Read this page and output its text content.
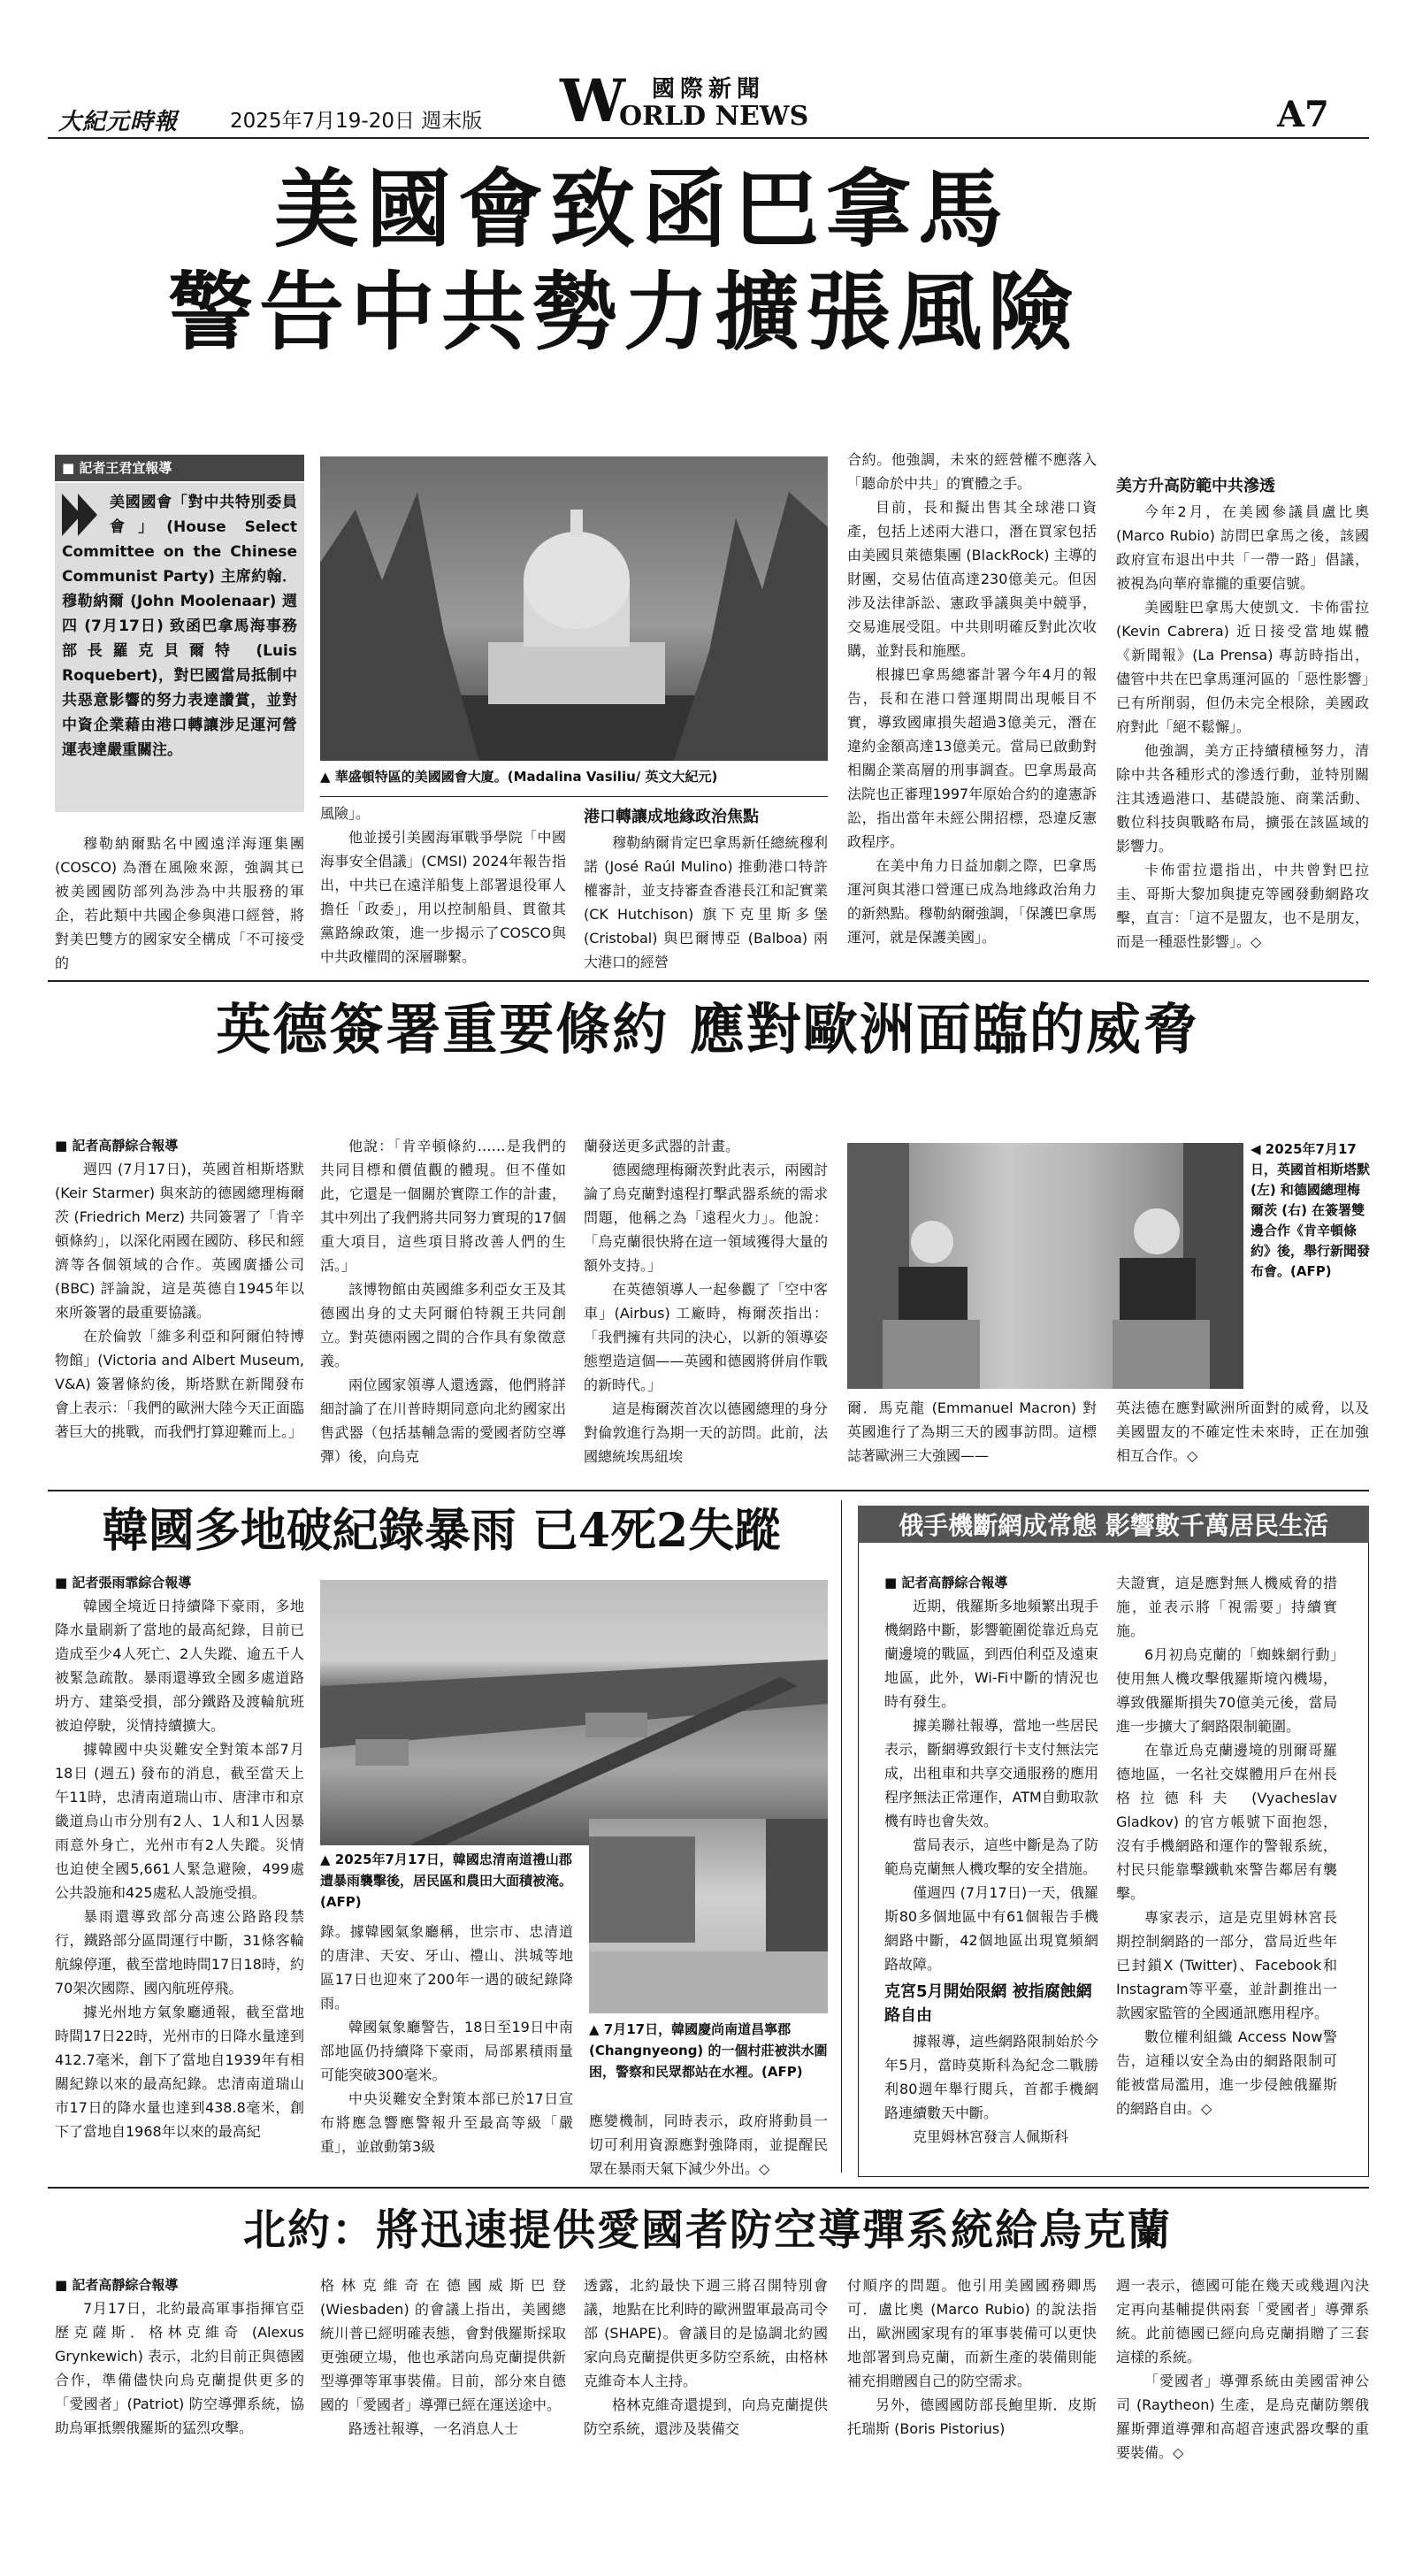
大紀元時報	2025年7月19-20日 週末版 W 國際新聞
ORLD NEWS	A7
美國會致函巴拿馬
警告中共勢力擴張風險
■ 記者王君宜報導

美國國會「對中共特別委員會」(House Select Committee on the Chinese Communist Party) 主席約翰．穆勒納爾 (John Moolenaar) 週四 (7月17日) 致函巴拿馬海事務部長羅克貝爾特 (Luis Roquebert)，對巴國當局抵制中共惡意影響的努力表達讚賞，並對中資企業藉由港口轉讓涉足運河營運表達嚴重關注。

▲ 華盛頓特區的美國國會大廈。(Madalina Vasiliu/ 英文大紀元)

穆勒納爾點名中國遠洋海運集團 (COSCO) 為潛在風險來源，強調其已被美國國防部列為涉為中共服務的軍企，若此類中共國企參與港口經營，將對美巴雙方的國家安全構成「不可接受的

風險」。

他並援引美國海軍戰爭學院「中國海事安全倡議」(CMSI) 2024年報告指出，中共已在遠洋船隻上部署退役軍人擔任「政委」，用以控制船員、貫徹其黨路線政策，進一步揭示了COSCO與中共政權間的深層聯繫。

港口轉讓成地緣政治焦點

穆勒納爾肯定巴拿馬新任總統穆利諾 (José Raúl Mulino) 推動港口特許權審計，並支持審查香港長江和記實業 (CK Hutchison) 旗下克里斯多堡 (Cristobal) 與巴爾博亞 (Balboa) 兩大港口的經營

合約。他強調，未來的經營權不應落入「聽命於中共」的實體之手。

目前，長和擬出售其全球港口資產，包括上述兩大港口，潛在買家包括由美國貝萊德集團 (BlackRock) 主導的財團，交易估值高達230億美元。但因涉及法律訴訟、憲政爭議與美中競爭，交易進展受阻。中共則明確反對此次收購，並對長和施壓。

根據巴拿馬總審計署今年4月的報告，長和在港口營運期間出現帳目不實，導致國庫損失超過3億美元，潛在違約金額高達13億美元。當局已啟動對相關企業高層的刑事調查。巴拿馬最高法院也正審理1997年原始合約的違憲訴訟，指出當年未經公開招標，恐違反憲政程序。

在美中角力日益加劇之際，巴拿馬運河與其港口營運已成為地緣政治角力的新熱點。穆勒納爾強調，「保護巴拿馬運河，就是保護美國」。

美方升高防範中共滲透

今年2月，在美國參議員盧比奧 (Marco Rubio) 訪問巴拿馬之後，該國政府宣布退出中共「一帶一路」倡議，被視為向華府靠攏的重要信號。

美國駐巴拿馬大使凱文．卡佈雷拉 (Kevin Cabrera) 近日接受當地媒體《新聞報》(La Prensa) 專訪時指出，儘管中共在巴拿馬運河區的「惡性影響」已有所削弱，但仍未完全根除，美國政府對此「絕不鬆懈」。

他強調，美方正持續積極努力，清除中共各種形式的滲透行動，並特別關注其透過港口、基礎設施、商業活動、數位科技與戰略布局，擴張在該區域的影響力。

卡佈雷拉還指出，中共曾對巴拉圭、哥斯大黎加與捷克等國發動網路攻擊，直言：「這不是盟友，也不是朋友，而是一種惡性影響」。◇

英德簽署重要條約 應對歐洲面臨的威脅
■ 記者高靜綜合報導

週四 (7月17日)，英國首相斯塔默 (Keir Starmer) 與來訪的德國總理梅爾茨 (Friedrich Merz) 共同簽署了「肯辛頓條約」，以深化兩國在國防、移民和經濟等各個領域的合作。英國廣播公司 (BBC) 評論說，這是英德自1945年以來所簽署的最重要協議。

在於倫敦「維多利亞和阿爾伯特博物館」(Victoria and Albert Museum, V&A) 簽署條約後，斯塔默在新聞發布會上表示：「我們的歐洲大陸今天正面臨著巨大的挑戰，而我們打算迎難而上。」

他說：「肯辛頓條約……是我們的共同目標和價值觀的體現。但不僅如此，它還是一個關於實際工作的計畫，其中列出了我們將共同努力實現的17個重大項目，這些項目將改善人們的生活。」

該博物館由英國維多利亞女王及其德國出身的丈夫阿爾伯特親王共同創立。對英德兩國之間的合作具有象徵意義。

兩位國家領導人還透露，他們將詳細討論了在川普時期同意向北約國家出售武器（包括基輔急需的愛國者防空導彈）後，向烏克

蘭發送更多武器的計畫。

德國總理梅爾茨對此表示，兩國討論了烏克蘭對遠程打擊武器系統的需求問題，他稱之為「遠程火力」。他說：「烏克蘭很快將在這一領域獲得大量的額外支持。」

在英德領導人一起參觀了「空中客車」(Airbus) 工廠時，梅爾茨指出：「我們擁有共同的決心，以新的領導姿態塑造這個——英國和德國將併肩作戰的新時代。」

這是梅爾茨首次以德國總理的身分對倫敦進行為期一天的訪問。此前，法國總統埃馬紐埃

◀ 2025年7月17日，英國首相斯塔默 (左) 和德國總理梅爾茨 (右) 在簽署雙邊合作《肯辛頓條約》後，舉行新聞發布會。(AFP)

爾．馬克龍 (Emmanuel Macron) 對英國進行了為期三天的國事訪問。這標誌著歐洲三大強國——

英法德在應對歐洲所面對的威脅，以及美國盟友的不確定性未來時，正在加強相互合作。◇

韓國多地破紀錄暴雨 已4死2失蹤
■ 記者張雨霏綜合報導

韓國全境近日持續降下豪雨，多地降水量刷新了當地的最高紀錄，目前已造成至少4人死亡、2人失蹤、逾五千人被緊急疏散。暴雨還導致全國多處道路坍方、建築受損，部分鐵路及渡輪航班被迫停駛，災情持續擴大。

據韓國中央災難安全對策本部7月18日 (週五) 發布的消息，截至當天上午11時，忠清南道瑞山市、唐津市和京畿道烏山市分別有2人、1人和1人因暴雨意外身亡，光州市有2人失蹤。災情也迫使全國5,661人緊急避險，499處公共設施和425處私人設施受損。

暴雨還導致部分高速公路路段禁行，鐵路部分區間運行中斷，31條客輪航線停運，截至當地時間17日18時，約70架次國際、國內航班停飛。

據光州地方氣象廳通報，截至當地時間17日22時，光州市的日降水量達到412.7毫米，創下了當地自1939年有相關紀錄以來的最高紀錄。忠清南道瑞山市17日的降水量也達到438.8毫米，創下了當地自1968年以來的最高紀

▲ 2025年7月17日，韓國忠清南道禮山郡遭暴雨襲擊後，居民區和農田大面積被淹。(AFP)
▲ 7月17日，韓國慶尚南道昌寧郡 (Changnyeong) 的一個村莊被洪水圍困，警察和民眾都站在水裡。(AFP)

錄。據韓國氣象廳稱，世宗市、忠清道的唐津、天安、牙山、禮山、洪城等地區17日也迎來了200年一遇的破紀錄降雨。

韓國氣象廳警告，18日至19日中南部地區仍持續降下豪雨，局部累積雨量可能突破300毫米。

中央災難安全對策本部已於17日宣布將應急響應警報升至最高等級「嚴重」，並啟動第3級

應變機制，同時表示，政府將動員一切可利用資源應對強降雨，並提醒民眾在暴雨天氣下減少外出。◇

俄手機斷網成常態 影響數千萬居民生活
■ 記者高靜綜合報導

近期，俄羅斯多地頻繁出現手機網路中斷，影響範圍從靠近烏克蘭邊境的戰區，到西伯利亞及遠東地區，此外，Wi-Fi中斷的情況也時有發生。

據美聯社報導，當地一些居民表示，斷網導致銀行卡支付無法完成，出租車和共享交通服務的應用程序無法正常運作，ATM自動取款機有時也會失效。

當局表示，這些中斷是為了防範烏克蘭無人機攻擊的安全措施。

僅週四 (7月17日)一天，俄羅斯80多個地區中有61個報告手機網路中斷，42個地區出現寬頻網路故障。

克宮5月開始限網 被指腐蝕網路自由

據報導，這些網路限制始於今年5月，當時莫斯科為紀念二戰勝利80週年舉行閱兵，首都手機網路連續數天中斷。

克里姆林宮發言人佩斯科

夫證實，這是應對無人機威脅的措施，並表示將「視需要」持續實施。

6月初烏克蘭的「蜘蛛網行動」使用無人機攻擊俄羅斯境內機場，導致俄羅斯損失70億美元後，當局進一步擴大了網路限制範圍。

在靠近烏克蘭邊境的別爾哥羅德地區，一名社交媒體用戶在州長格拉德科夫 (Vyacheslav Gladkov) 的官方帳號下面抱怨，沒有手機網路和運作的警報系統，村民只能靠擊鐵軌來警告鄰居有襲擊。

專家表示，這是克里姆林宮長期控制網路的一部分，當局近些年已封鎖X (Twitter)、Facebook和Instagram等平臺，並計劃推出一款國家監管的全國通訊應用程序。

數位權利組織 Access Now警告，這種以安全為由的網路限制可能被當局濫用，進一步侵蝕俄羅斯的網路自由。◇

北約：將迅速提供愛國者防空導彈系統給烏克蘭
■ 記者高靜綜合報導

7月17日，北約最高軍事指揮官亞歷克薩斯．格林克維奇 (Alexus Grynkewich) 表示，北約目前正與德國合作，準備儘快向烏克蘭提供更多的「愛國者」(Patriot) 防空導彈系統，協助烏軍抵禦俄羅斯的猛烈攻擊。

格林克維奇在德國威斯巴登 (Wiesbaden) 的會議上指出，美國總統川普已經明確表態，會對俄羅斯採取更強硬立場，他也承諾向烏克蘭提供新型導彈等軍事裝備。目前，部分來自德國的「愛國者」導彈已經在運送途中。

路透社報導，一名消息人士

透露，北約最快下週三將召開特別會議，地點在比利時的歐洲盟軍最高司令部 (SHAPE)。會議目的是協調北約國家向烏克蘭提供更多防空系統，由格林克維奇本人主持。

格林克維奇還提到，向烏克蘭提供防空系統，還涉及裝備交

付順序的問題。他引用美國國務卿馬可．盧比奧 (Marco Rubio) 的說法指出，歐洲國家現有的軍事裝備可以更快地部署到烏克蘭，而新生產的裝備則能補充捐贈國自己的防空需求。

另外，德國國防部長鮑里斯．皮斯托瑞斯 (Boris Pistorius)

週一表示，德國可能在幾天或幾週內決定再向基輔提供兩套「愛國者」導彈系統。此前德國已經向烏克蘭捐贈了三套這樣的系統。

「愛國者」導彈系統由美國雷神公司 (Raytheon) 生產，是烏克蘭防禦俄羅斯彈道導彈和高超音速武器攻擊的重要裝備。◇
